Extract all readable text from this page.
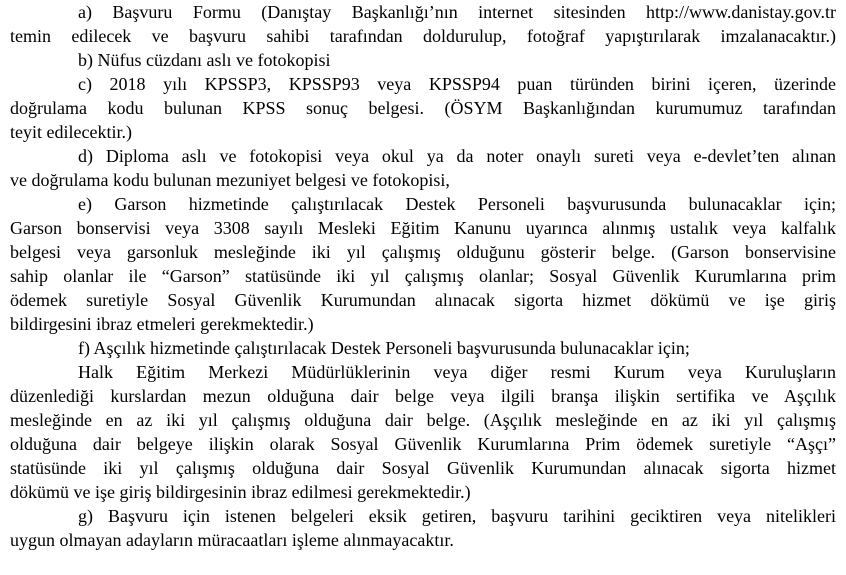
a) Başvuru Formu (Danıştay Başkanlığı’nın internet sitesinden http://www.danistay.gov.tr
temin edilecek ve başvuru sahibi tarafından doldurulup, fotoğraf yapıştırılarak imzalanacaktır.)
b) Nüfus cüzdanı aslı ve fotokopisi
c) 2018 yılı KPSSP3, KPSSP93 veya KPSSP94 puan türünden birini içeren, üzerinde
doğrulama kodu bulunan KPSS sonuç belgesi. (ÖSYM Başkanlığından kurumumuz tarafından
teyit edilecektir.)
d) Diploma aslı ve fotokopisi veya okul ya da noter onaylı sureti veya e-devlet’ten alınan
ve doğrulama kodu bulunan mezuniyet belgesi ve fotokopisi,
e) Garson hizmetinde çalıştırılacak Destek Personeli başvurusunda bulunacaklar için;
Garson bonservisi veya 3308 sayılı Mesleki Eğitim Kanunu uyarınca alınmış ustalık veya kalfalık
belgesi veya garsonluk mesleğinde iki yıl çalışmış olduğunu gösterir belge. (Garson bonservisine
sahip olanlar ile “Garson” statüsünde iki yıl çalışmış olanlar; Sosyal Güvenlik Kurumlarına prim
ödemek suretiyle Sosyal Güvenlik Kurumundan alınacak sigorta hizmet dökümü ve işe giriş
bildirgesini ibraz etmeleri gerekmektedir.)
f) Aşçılık hizmetinde çalıştırılacak Destek Personeli başvurusunda bulunacaklar için;
Halk Eğitim Merkezi Müdürlüklerinin veya diğer resmi Kurum veya Kuruluşların
düzenlediği kurslardan mezun olduğuna dair belge veya ilgili branşa ilişkin sertifika ve Aşçılık
mesleğinde en az iki yıl çalışmış olduğuna dair belge. (Aşçılık mesleğinde en az iki yıl çalışmış
olduğuna dair belgeye ilişkin olarak Sosyal Güvenlik Kurumlarına Prim ödemek suretiyle “Aşçı”
statüsünde iki yıl çalışmış olduğuna dair Sosyal Güvenlik Kurumundan alınacak sigorta hizmet
dökümü ve işe giriş bildirgesinin ibraz edilmesi gerekmektedir.)
g) Başvuru için istenen belgeleri eksik getiren, başvuru tarihini geciktiren veya nitelikleri
uygun olmayan adayların müracaatları işleme alınmayacaktır.
